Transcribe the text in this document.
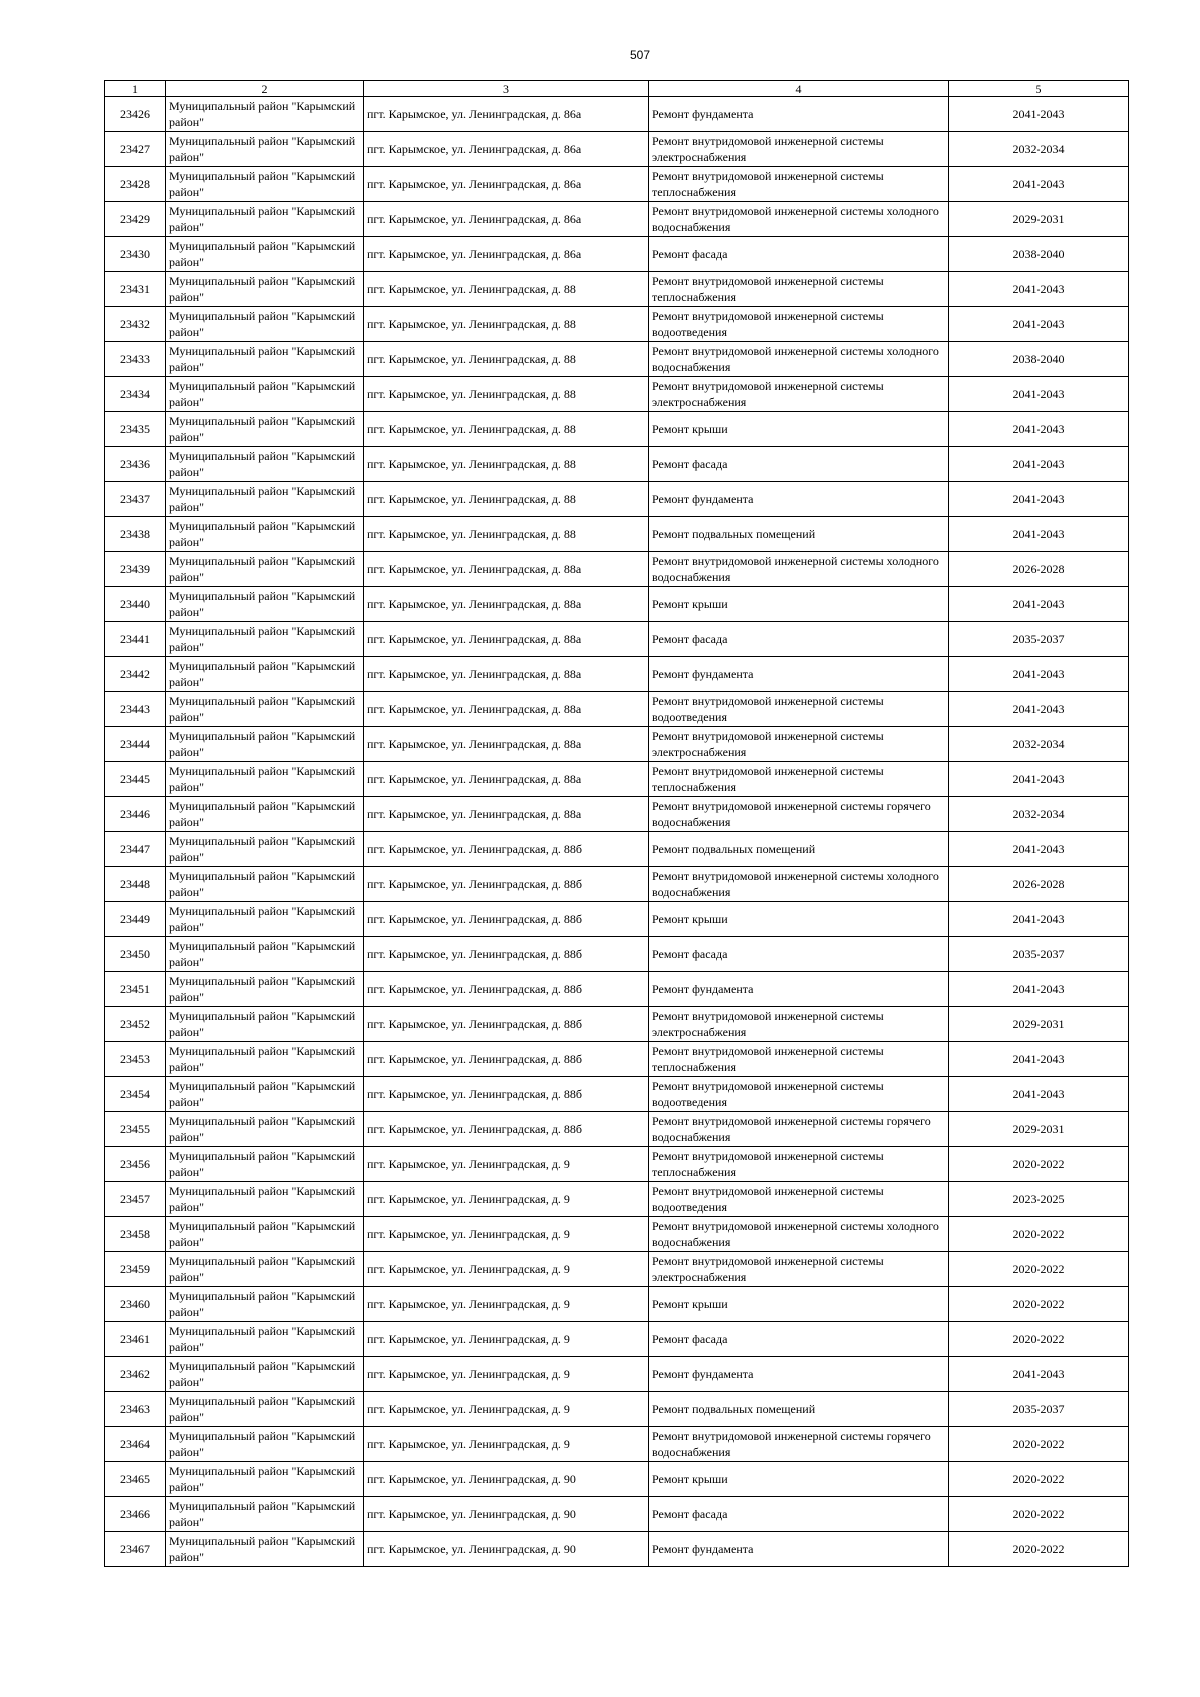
507
1	2	3	4	5
23426	Муниципальный район "Карымский район"	пгт. Карымское, ул. Ленинградская, д. 86а	Ремонт фундамента	2041-2043
23427	Муниципальный район "Карымский район"	пгт. Карымское, ул. Ленинградская, д. 86а	Ремонт внутридомовой инженерной системы электроснабжения	2032-2034
23428	Муниципальный район "Карымский район"	пгт. Карымское, ул. Ленинградская, д. 86а	Ремонт внутридомовой инженерной системы теплоснабжения	2041-2043
23429	Муниципальный район "Карымский район"	пгт. Карымское, ул. Ленинградская, д. 86а	Ремонт внутридомовой инженерной системы холодного водоснабжения	2029-2031
23430	Муниципальный район "Карымский район"	пгт. Карымское, ул. Ленинградская, д. 86а	Ремонт фасада	2038-2040
23431	Муниципальный район "Карымский район"	пгт. Карымское, ул. Ленинградская, д. 88	Ремонт внутридомовой инженерной системы теплоснабжения	2041-2043
23432	Муниципальный район "Карымский район"	пгт. Карымское, ул. Ленинградская, д. 88	Ремонт внутридомовой инженерной системы водоотведения	2041-2043
23433	Муниципальный район "Карымский район"	пгт. Карымское, ул. Ленинградская, д. 88	Ремонт внутридомовой инженерной системы холодного водоснабжения	2038-2040
23434	Муниципальный район "Карымский район"	пгт. Карымское, ул. Ленинградская, д. 88	Ремонт внутридомовой инженерной системы электроснабжения	2041-2043
23435	Муниципальный район "Карымский район"	пгт. Карымское, ул. Ленинградская, д. 88	Ремонт крыши	2041-2043
23436	Муниципальный район "Карымский район"	пгт. Карымское, ул. Ленинградская, д. 88	Ремонт фасада	2041-2043
23437	Муниципальный район "Карымский район"	пгт. Карымское, ул. Ленинградская, д. 88	Ремонт фундамента	2041-2043
23438	Муниципальный район "Карымский район"	пгт. Карымское, ул. Ленинградская, д. 88	Ремонт подвальных помещений	2041-2043
23439	Муниципальный район "Карымский район"	пгт. Карымское, ул. Ленинградская, д. 88а	Ремонт внутридомовой инженерной системы холодного водоснабжения	2026-2028
23440	Муниципальный район "Карымский район"	пгт. Карымское, ул. Ленинградская, д. 88а	Ремонт крыши	2041-2043
23441	Муниципальный район "Карымский район"	пгт. Карымское, ул. Ленинградская, д. 88а	Ремонт фасада	2035-2037
23442	Муниципальный район "Карымский район"	пгт. Карымское, ул. Ленинградская, д. 88а	Ремонт фундамента	2041-2043
23443	Муниципальный район "Карымский район"	пгт. Карымское, ул. Ленинградская, д. 88а	Ремонт внутридомовой инженерной системы водоотведения	2041-2043
23444	Муниципальный район "Карымский район"	пгт. Карымское, ул. Ленинградская, д. 88а	Ремонт внутридомовой инженерной системы электроснабжения	2032-2034
23445	Муниципальный район "Карымский район"	пгт. Карымское, ул. Ленинградская, д. 88а	Ремонт внутридомовой инженерной системы теплоснабжения	2041-2043
23446	Муниципальный район "Карымский район"	пгт. Карымское, ул. Ленинградская, д. 88а	Ремонт внутридомовой инженерной системы горячего водоснабжения	2032-2034
23447	Муниципальный район "Карымский район"	пгт. Карымское, ул. Ленинградская, д. 88б	Ремонт подвальных помещений	2041-2043
23448	Муниципальный район "Карымский район"	пгт. Карымское, ул. Ленинградская, д. 88б	Ремонт внутридомовой инженерной системы холодного водоснабжения	2026-2028
23449	Муниципальный район "Карымский район"	пгт. Карымское, ул. Ленинградская, д. 88б	Ремонт крыши	2041-2043
23450	Муниципальный район "Карымский район"	пгт. Карымское, ул. Ленинградская, д. 88б	Ремонт фасада	2035-2037
23451	Муниципальный район "Карымский район"	пгт. Карымское, ул. Ленинградская, д. 88б	Ремонт фундамента	2041-2043
23452	Муниципальный район "Карымский район"	пгт. Карымское, ул. Ленинградская, д. 88б	Ремонт внутридомовой инженерной системы электроснабжения	2029-2031
23453	Муниципальный район "Карымский район"	пгт. Карымское, ул. Ленинградская, д. 88б	Ремонт внутридомовой инженерной системы теплоснабжения	2041-2043
23454	Муниципальный район "Карымский район"	пгт. Карымское, ул. Ленинградская, д. 88б	Ремонт внутридомовой инженерной системы водоотведения	2041-2043
23455	Муниципальный район "Карымский район"	пгт. Карымское, ул. Ленинградская, д. 88б	Ремонт внутридомовой инженерной системы горячего водоснабжения	2029-2031
23456	Муниципальный район "Карымский район"	пгт. Карымское, ул. Ленинградская, д. 9	Ремонт внутридомовой инженерной системы теплоснабжения	2020-2022
23457	Муниципальный район "Карымский район"	пгт. Карымское, ул. Ленинградская, д. 9	Ремонт внутридомовой инженерной системы водоотведения	2023-2025
23458	Муниципальный район "Карымский район"	пгт. Карымское, ул. Ленинградская, д. 9	Ремонт внутридомовой инженерной системы холодного водоснабжения	2020-2022
23459	Муниципальный район "Карымский район"	пгт. Карымское, ул. Ленинградская, д. 9	Ремонт внутридомовой инженерной системы электроснабжения	2020-2022
23460	Муниципальный район "Карымский район"	пгт. Карымское, ул. Ленинградская, д. 9	Ремонт крыши	2020-2022
23461	Муниципальный район "Карымский район"	пгт. Карымское, ул. Ленинградская, д. 9	Ремонт фасада	2020-2022
23462	Муниципальный район "Карымский район"	пгт. Карымское, ул. Ленинградская, д. 9	Ремонт фундамента	2041-2043
23463	Муниципальный район "Карымский район"	пгт. Карымское, ул. Ленинградская, д. 9	Ремонт подвальных помещений	2035-2037
23464	Муниципальный район "Карымский район"	пгт. Карымское, ул. Ленинградская, д. 9	Ремонт внутридомовой инженерной системы горячего водоснабжения	2020-2022
23465	Муниципальный район "Карымский район"	пгт. Карымское, ул. Ленинградская, д. 90	Ремонт крыши	2020-2022
23466	Муниципальный район "Карымский район"	пгт. Карымское, ул. Ленинградская, д. 90	Ремонт фасада	2020-2022
23467	Муниципальный район "Карымский район"	пгт. Карымское, ул. Ленинградская, д. 90	Ремонт фундамента	2020-2022
